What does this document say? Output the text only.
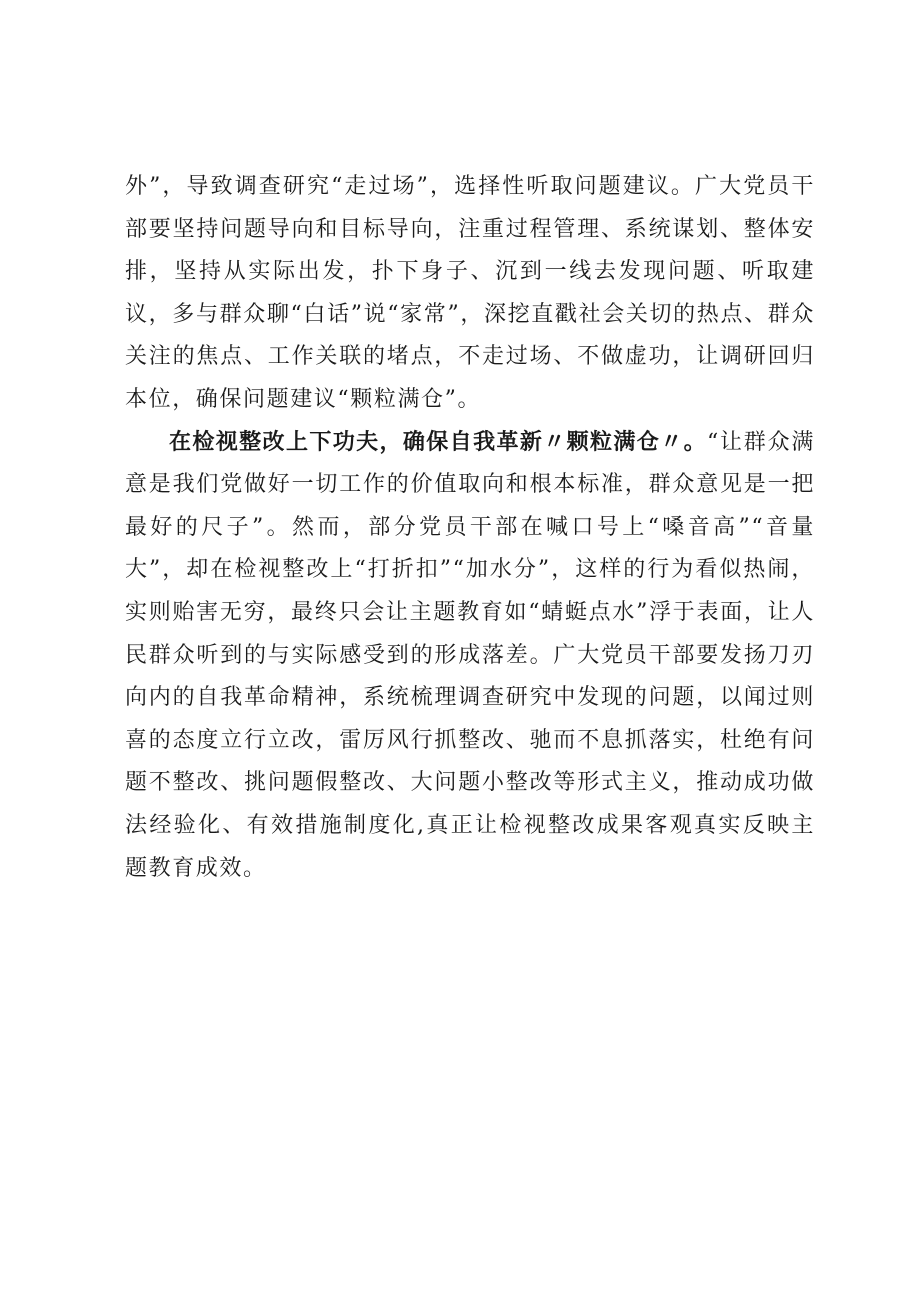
外”，导致调查研究“走过场”，选择性听取问题建议。广大党员干部要坚持问题导向和目标导向，注重过程管理、系统谋划、整体安排，坚持从实际出发，扑下身子、沉到一线去发现问题、听取建议，多与群众聊“白话”说“家常”，深挖直戳社会关切的热点、群众关注的焦点、工作关联的堵点，不走过场、不做虚功，让调研回归本位，确保问题建议“颗粒满仓”。

在检视整改上下功夫，确保自我革新〃颗粒满仓〃。“让群众满意是我们党做好一切工作的价值取向和根本标准，群众意见是一把最好的尺子”。然而，部分党员干部在喊口号上“嗓音高”“音量大”，却在检视整改上“打折扣”“加水分”，这样的行为看似热闹，实则贻害无穷，最终只会让主题教育如“蜻蜓点水”浮于表面，让人民群众听到的与实际感受到的形成落差。广大党员干部要发扬刀刃向内的自我革命精神，系统梳理调查研究中发现的问题，以闻过则喜的态度立行立改，雷厉风行抓整改、驰而不息抓落实，杜绝有问题不整改、挑问题假整改、大问题小整改等形式主义，推动成功做法经验化、有效措施制度化,真正让检视整改成果客观真实反映主题教育成效。
